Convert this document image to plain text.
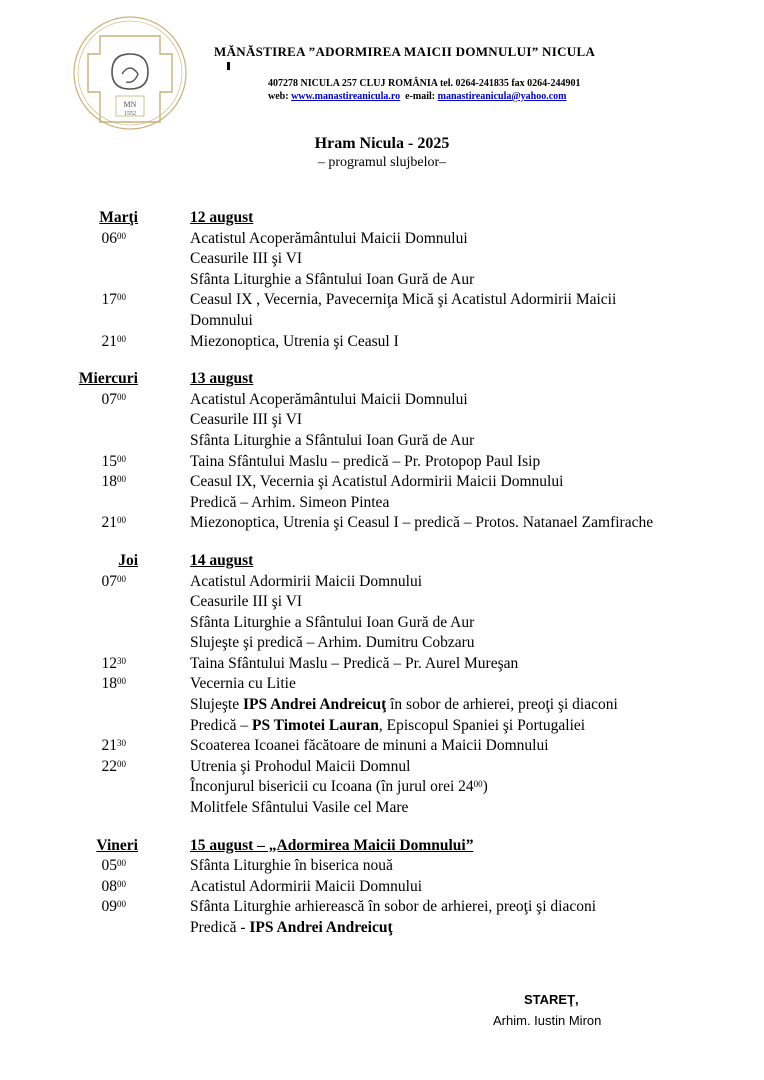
MN
1552
MĂNĂSTIREA ”ADORMIREA MAICII DOMNULUI” NICULA
407278 NICULA 257 CLUJ ROMÂNIA tel. 0264-241835 fax 0264-244901
web: www.manastireanicula.ro e-mail: manastireanicula@yahoo.com
Hram Nicula - 2025
– programul slujbelor–
Marţi	12 august
$06^{00}$	Acatistul Acoperământului Maicii Domnului
Ceasurile III şi VI
Sfânta Liturghie a Sfântului Ioan Gură de Aur
$17^{00}$	Ceasul IX , Vecernia, Pavecerniţa Mică şi Acatistul Adormirii Maicii
Domnului
$21^{00}$	Miezonoptica, Utrenia şi Ceasul I
Miercuri	13 august
$07^{00}$	Acatistul Acoperământului Maicii Domnului
Ceasurile III şi VI
Sfânta Liturghie a Sfântului Ioan Gură de Aur
$15^{00}$	Taina Sfântului Maslu – predică – Pr. Protopop Paul Isip
$18^{00}$	Ceasul IX, Vecernia şi Acatistul Adormirii Maicii Domnului
Predică – Arhim. Simeon Pintea
$21^{00}$	Miezonoptica, Utrenia şi Ceasul I – predică – Protos. Natanael Zamfirache
Joi	14 august
$07^{00}$	Acatistul Adormirii Maicii Domnului
Ceasurile III şi VI
Sfânta Liturghie a Sfântului Ioan Gură de Aur
Slujeşte şi predică – Arhim. Dumitru Cobzaru
$12^{30}$	Taina Sfântului Maslu – Predică – Pr. Aurel Mureşan
$18^{00}$	Vecernia cu Litie
Slujeşte IPS Andrei Andreicuţ în sobor de arhierei, preoţi şi diaconi
Predică – PS Timotei Lauran, Episcopul Spaniei şi Portugaliei
$21^{30}$	Scoaterea Icoanei făcătoare de minuni a Maicii Domnului
$22^{00}$	Utrenia şi Prohodul Maicii Domnul
Înconjurul bisericii cu Icoana (în jurul orei $24^{00}$)
Molitfele Sfântului Vasile cel Mare
Vineri	15 august – „Adormirea Maicii Domnului”
$05^{00}$	Sfânta Liturghie în biserica nouă
$08^{00}$	Acatistul Adormirii Maicii Domnului
$09^{00}$	Sfânta Liturghie arhierească în sobor de arhierei, preoţi şi diaconi
Predică - IPS Andrei Andreicuţ
STAREŢ,
Arhim. Iustin Miron
